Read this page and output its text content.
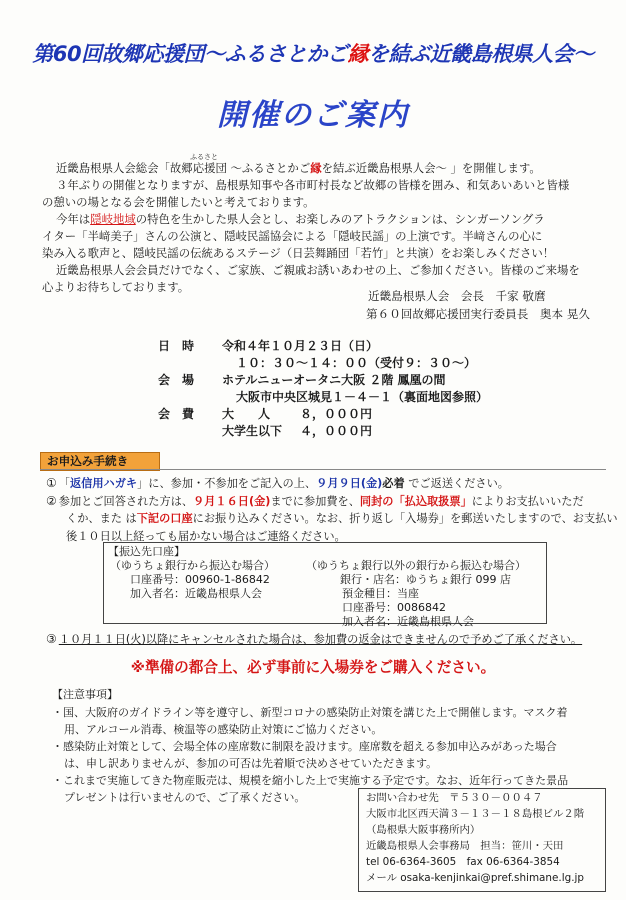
第60回故郷応援団～ふるさとかご縁を結ぶ近畿島根県人会～
開催のご案内
ふるさと
近畿島根県人会総会「故郷応援団 ～ふるさとかご縁を結ぶ近畿島根県人会～ 」を開催します。
３年ぶりの開催となりますが、島根県知事や各市町村長など故郷の皆様を囲み、和気あいあいと皆様
の憩いの場となる会を開催したいと考えております。
今年は隠岐地域の特色を生かした県人会とし、お楽しみのアトラクションは、シンガーソングラ
イター「半﨑美子」さんの公演と、隠岐民謡協会による「隠岐民謡」の上演です。半﨑さんの心に
染み入る歌声と、隠岐民謡の伝統あるステージ（日芸舞踊団「若竹」と共演）をお楽しみください！
近畿島根県人会会員だけでなく、ご家族、ご親戚お誘いあわせの上、ご参加ください。皆様のご来場を
心よりお待ちしております。
近畿島根県人会　会長　千家 敬麿
第６０回故郷応援団実行委員長　奥本 晃久
日　時 令和４年１０月２３日（日）
１０：３０～１４：００（受付９：３０～）
会　場 ホテルニューオータニ大阪 ２階 鳳凰の間
大阪市中央区城見１－４－１（裏面地図参照）
会　費 大　　人 ８，０００円
大学生以下 ４，０００円
お申込み手続き
① 「返信用ハガキ」に、参加・不参加をご記入の上、９月９日(金)必着 でご返送ください。
② 参加とご回答された方は、９月１６日(金)までに参加費を、同封の「払込取扱票」によりお支払いいただ
くか、また は下記の口座にお振り込みください。なお、折り返し「入場券」を郵送いたしますので、お支払い
後１０日以上経っても届かない場合はご連絡ください。
【振込先口座】
（ゆうちょ銀行から振込む場合）
口座番号：00960-1-86842
加入者名：近畿島根県人会
（ゆうちょ銀行以外の銀行から振込む場合）
銀行・店名：ゆうちょ銀行 099 店
預金種目：当座
口座番号：0086842
加入者名：近畿島根県人会
③ １０月１１日(火)以降にキャンセルされた場合は、参加費の返金はできませんので予めご了承ください。
※準備の都合上、必ず事前に入場券をご購入ください。
【注意事項】
・国、大阪府のガイドライン等を遵守し、新型コロナの感染防止対策を講じた上で開催します。マスク着
用、アルコール消毒、検温等の感染防止対策にご協力ください。
・感染防止対策として、会場全体の座席数に制限を設けます。座席数を超える参加申込みがあった場合
は、申し訳ありませんが、参加の可否は先着順で決めさせていただきます。
・これまで実施してきた物産販売は、規模を縮小した上で実施する予定です。なお、近年行ってきた景品
プレゼントは行いませんので、ご了承ください。	お問い合わせ先　〒５３０－００４７
大阪市北区西天満３－１３－１８島根ビル２階
（島根県大阪事務所内）
近畿島根県人会事務局　担当：笹川・天田
tel 06-6364-3605　fax 06-6364-3854
メール osaka-kenjinkai@pref.shimane.lg.jp
